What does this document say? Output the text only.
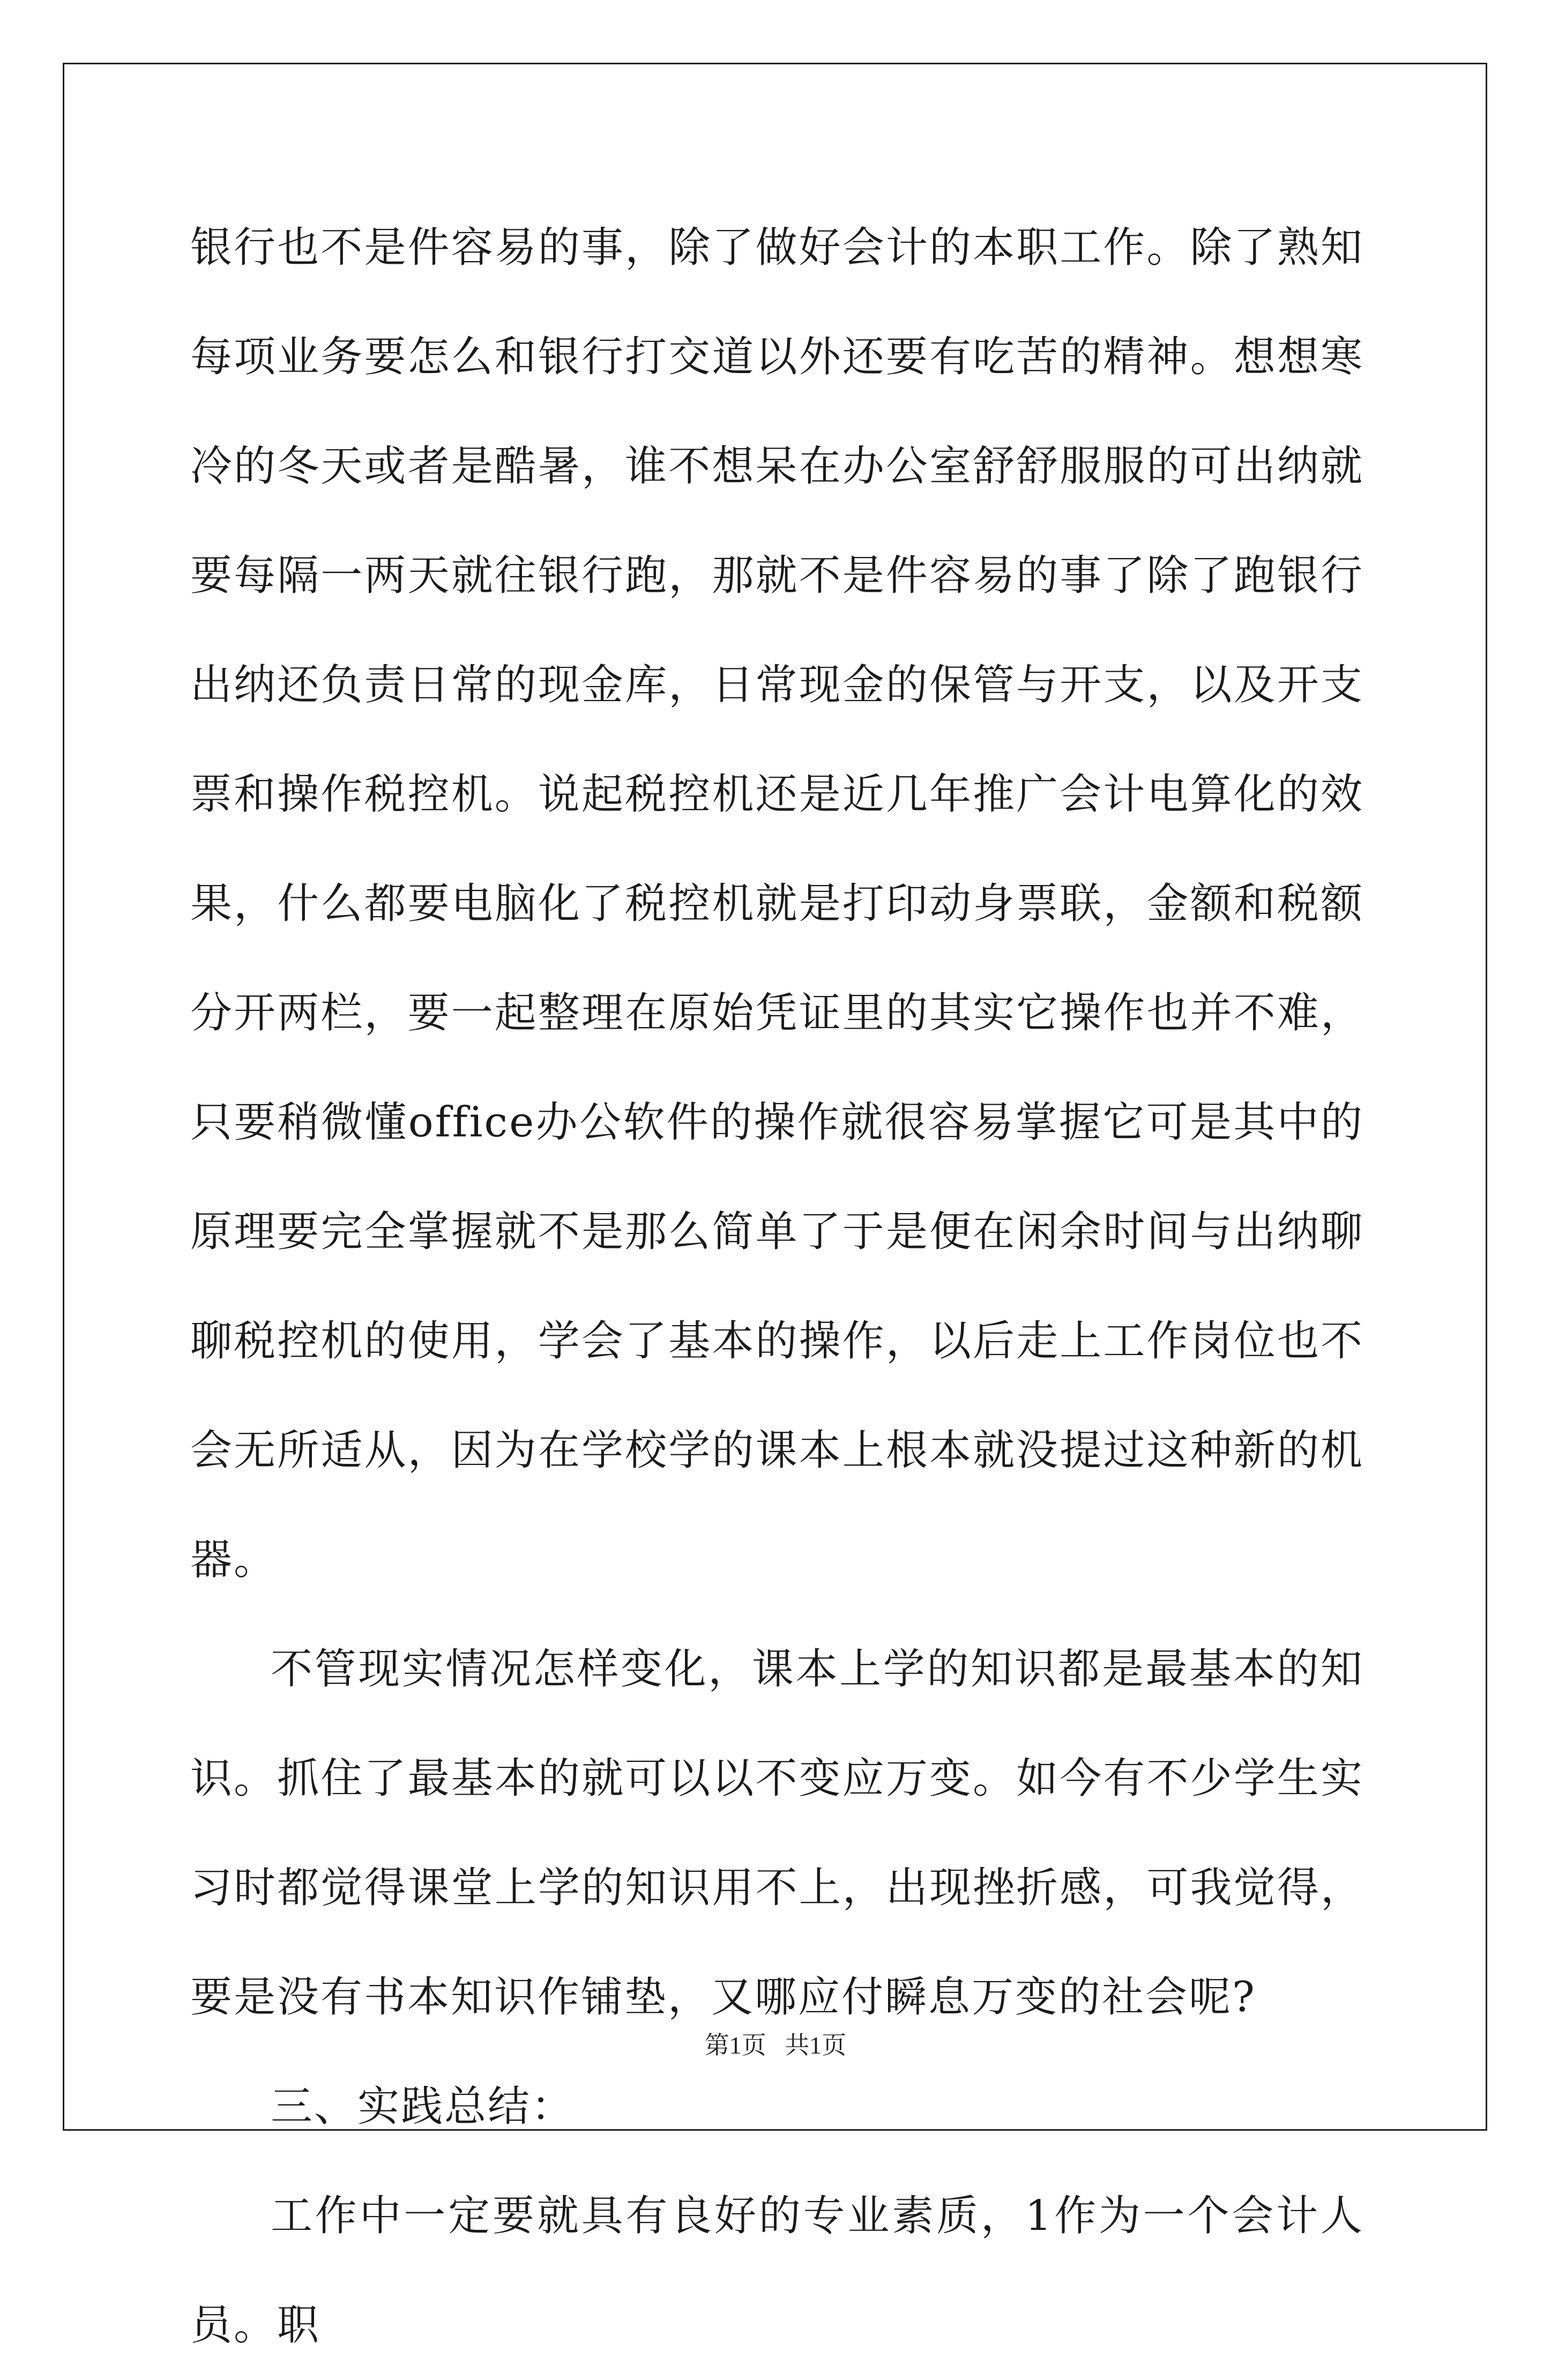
银行也不是件容易的事，除了做好会计的本职工作。除了熟知每项业务要怎么和银行打交道以外还要有吃苦的精神。想想寒冷的冬天或者是酷暑，谁不想呆在办公室舒舒服服的可出纳就要每隔一两天就往银行跑，那就不是件容易的事了除了跑银行出纳还负责日常的现金库，日常现金的保管与开支，以及开支票和操作税控机。说起税控机还是近几年推广会计电算化的效果，什么都要电脑化了税控机就是打印动身票联，金额和税额分开两栏，要一起整理在原始凭证里的其实它操作也并不难，只要稍微懂office办公软件的操作就很容易掌握它可是其中的原理要完全掌握就不是那么简单了于是便在闲余时间与出纳聊聊税控机的使用，学会了基本的操作，以后走上工作岗位也不会无所适从，因为在学校学的课本上根本就没提过这种新的机器。

不管现实情况怎样变化，课本上学的知识都是最基本的知识。抓住了最基本的就可以以不变应万变。如今有不少学生实习时都觉得课堂上学的知识用不上，出现挫折感，可我觉得，要是没有书本知识作铺垫，又哪应付瞬息万变的社会呢?

三、实践总结：

工作中一定要就具有良好的专业素质，1作为一个会计人员。职

第1页   共1页
